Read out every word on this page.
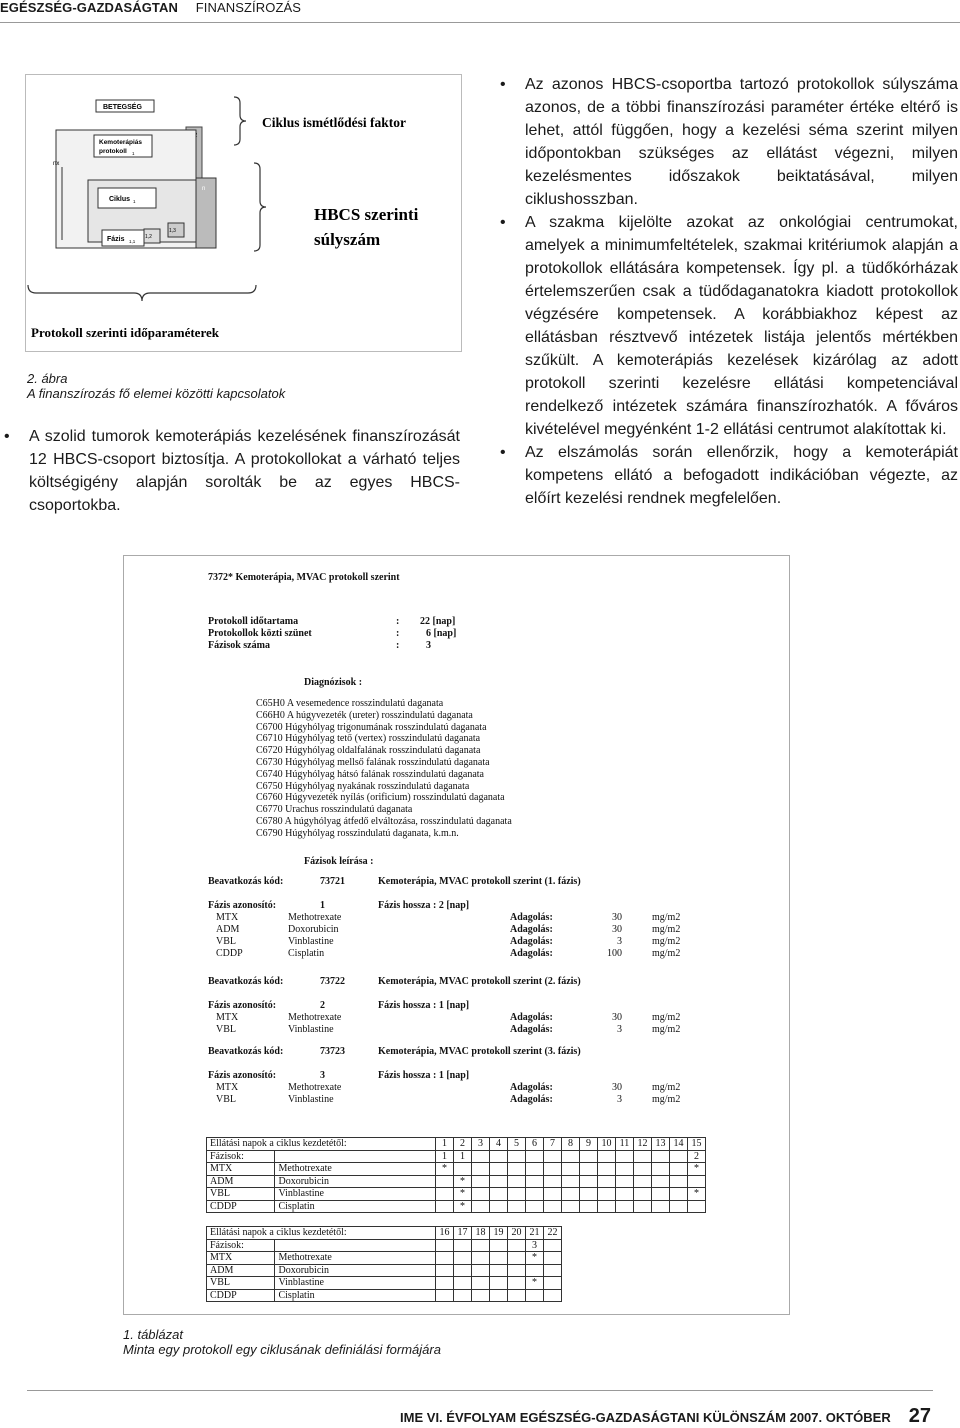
EGÉSZSÉG-GAZDASÁGTAN FINANSZÍROZÁS
BETEGSÉG
Kemoterápiás
protokoll 1
nx
n
Ciklus 1
1,3
1,2
Fázis 1,1
Ciklus ismétlődési faktor
HBCS szerinti
súlyszám
Protokoll szerinti időparaméterek
2. ábra
A finanszírozás fő elemei közötti kapcsolatok
• A szolid tumorok kemoterápiás kezelésének finanszírozását 12 HBCS-csoport biztosítja. A protokollokat a várható teljes költségigény alapján sorolták be az egyes HBCS-csoportokba.
• Az azonos HBCS-csoportba tartozó protokollok súlyszáma azonos, de a többi finanszírozási paraméter értéke eltérő is lehet, attól függően, hogy a kezelési séma szerint milyen időpontokban szükséges az ellátást végezni, milyen kezelésmentes időszakok beiktatásával, milyen ciklushosszban.
• A szakma kijelölte azokat az onkológiai centrumokat, amelyek a minimumfeltételek, szakmai kritériumok alapján a protokollok ellátására kompetensek. Így pl. a tüdőkórházak értelemszerűen csak a tüdődaganatokra kiadott protokollok végzésére kompetensek. A korábbiakhoz képest az ellátásban résztvevő intézetek listája jelentős mértékben szűkült. A kemoterápiás kezelések kizárólag az adott protokoll szerinti kezelésre ellátási kompetenciával rendelkező intézetek számára finanszírozhatók. A főváros kivételével megyénként 1-2 ellátási centrumot alakítottak ki.
• Az elszámolás során ellenőrzik, hogy a kemoterápiát kompetens ellátó a befogadott indikációban végezte, az előírt kezelési rendnek megfelelően.
7372* Kemoterápia, MVAC protokoll szerint
Protokoll időtartama	: 22 [nap]
Protokollok közti szünet	:	6 [nap]
Fázisok száma	:	3
Diagnózisok :
C65H0 A vesemedence rosszindulatú daganata
C66H0 A húgyvezeték (ureter) rosszindulatú daganata
C6700 Húgyhólyag trigonumának rosszindulatú daganata
C6710 Húgyhólyag tető (vertex) rosszindulatú daganata
C6720 Húgyhólyag oldalfalának rosszindulatú daganata
C6730 Húgyhólyag mellső falának rosszindulatú daganata
C6740 Húgyhólyag hátsó falának rosszindulatú daganata
C6750 Húgyhólyag nyakának rosszindulatú daganata
C6760 Húgyvezeték nyílás (orificium) rosszindulatú daganata
C6770 Urachus rosszindulatú daganata
C6780 A húgyhólyag átfedő elváltozása, rosszindulatú daganata
C6790 Húgyhólyag rosszindulatú daganata, k.m.n.
Fázisok leírása :
Beavatkozás kód:	73721	Kemoterápia, MVAC protokoll szerint (1. fázis)
Fázis azonosító:	1	Fázis hossza : 2 [nap]
MTX	Methotrexate	Adagolás:	30	mg/m2
ADM	Doxorubicin	Adagolás:	30	mg/m2
VBL	Vinblastine	Adagolás:	3	mg/m2
CDDP	Cisplatin	Adagolás:	100	mg/m2
Beavatkozás kód:	73722	Kemoterápia, MVAC protokoll szerint (2. fázis)
Fázis azonosító:	2	Fázis hossza : 1 [nap]
MTX	Methotrexate	Adagolás:	30	mg/m2
VBL	Vinblastine	Adagolás:	3	mg/m2
Beavatkozás kód:	73723	Kemoterápia, MVAC protokoll szerint (3. fázis)
Fázis azonosító:	3	Fázis hossza : 1 [nap]
MTX	Methotrexate	Adagolás:	30	mg/m2
VBL	Vinblastine	Adagolás:	3	mg/m2
Ellátási napok a ciklus kezdetétől:		1	2	3	4	5	6	7	8	9	10	11	12	13	14	15
Fázisok:		1	1													2
MTX	Methotrexate	*														*
ADM	Doxorubicin		*													
VBL	Vinblastine		*													*
CDDP	Cisplatin		*													
Ellátási napok a ciklus kezdetétől:		16	17	18	19	20	21	22
Fázisok:							3	
MTX	Methotrexate						*	
ADM	Doxorubicin							
VBL	Vinblastine						*	
CDDP	Cisplatin							
1. táblázat
Minta egy protokoll egy ciklusának definiálási formájára
IME VI. ÉVFOLYAM EGÉSZSÉG-GAZDASÁGTANI KÜLÖNSZÁM 2007. OKTÓBER 27
